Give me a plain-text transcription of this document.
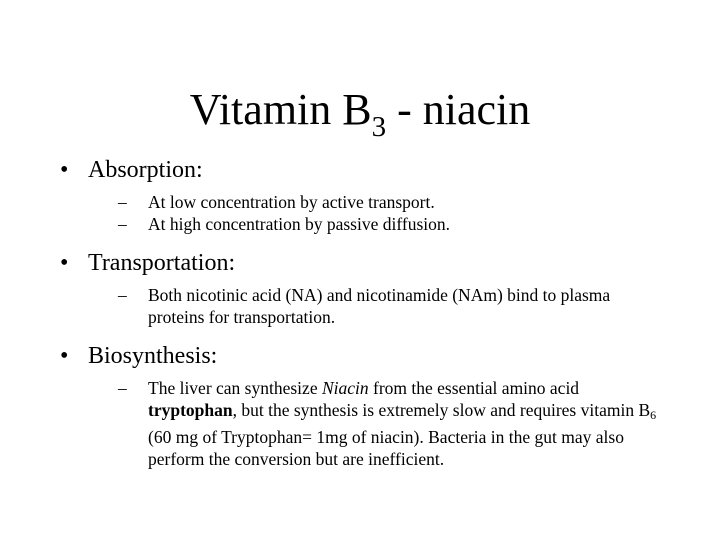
Vitamin $B_3$ - niacin
• Absorption:
–	At low concentration by active transport.
–	At high concentration by passive diffusion.
• Transportation:
–	Both nicotinic acid (NA) and nicotinamide (NAm) bind to plasma proteins for transportation.
• Biosynthesis:
–	The liver can synthesize Niacin from the essential amino acid tryptophan, but the synthesis is extremely slow and requires vitamin B6 (60 mg of Tryptophan= 1mg of niacin). Bacteria in the gut may also perform the conversion but are inefficient.
